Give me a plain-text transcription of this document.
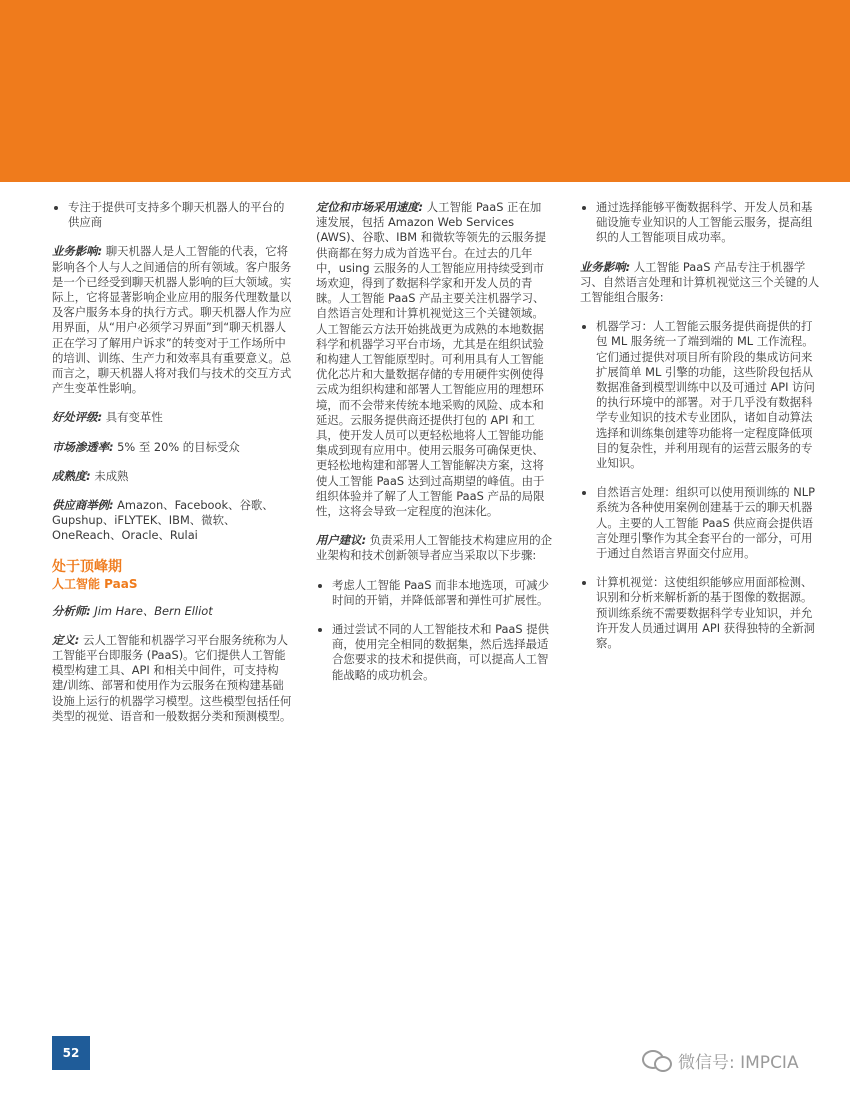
专注于提供可支持多个聊天机器人的平台的供应商

业务影响: 聊天机器人是人工智能的代表，它将影响各个人与人之间通信的所有领域。客户服务是一个已经受到聊天机器人影响的巨大领域。实际上，它将显著影响企业应用的服务代理数量以及客户服务本身的执行方式。聊天机器人作为应用界面，从“用户必须学习界面”到“聊天机器人正在学习了解用户诉求”的转变对于工作场所中的培训、训练、生产力和效率具有重要意义。总而言之，聊天机器人将对我们与技术的交互方式产生变革性影响。

好处评级: 具有变革性

市场渗透率: 5% 至 20% 的目标受众

成熟度: 未成熟

供应商举例: Amazon、Facebook、谷歌、Gupshup、iFLYTEK、IBM、微软、OneReach、Oracle、Rulai

处于顶峰期

人工智能 PaaS

分析师: Jim Hare、Bern Elliot

定义: 云人工智能和机器学习平台服务统称为人工智能平台即服务 (PaaS)。它们提供人工智能模型构建工具、API 和相关中间件，可支持构建/训练、部署和使用作为云服务在预构建基础设施上运行的机器学习模型。这些模型包括任何类型的视觉、语音和一般数据分类和预测模型。

定位和市场采用速度: 人工智能 PaaS 正在加速发展，包括 Amazon Web Services (AWS)、谷歌、IBM 和微软等领先的云服务提供商都在努力成为首选平台。在过去的几年中，using 云服务的人工智能应用持续受到市场欢迎，得到了数据科学家和开发人员的青睐。人工智能 PaaS 产品主要关注机器学习、自然语言处理和计算机视觉这三个关键领域。人工智能云方法开始挑战更为成熟的本地数据科学和机器学习平台市场，尤其是在组织试验和构建人工智能原型时。可利用具有人工智能优化芯片和大量数据存储的专用硬件实例使得云成为组织构建和部署人工智能应用的理想环境，而不会带来传统本地采购的风险、成本和延迟。云服务提供商还提供打包的 API 和工具，使开发人员可以更轻松地将人工智能功能集成到现有应用中。使用云服务可确保更快、更轻松地构建和部署人工智能解决方案，这将使人工智能 PaaS 达到过高期望的峰值。由于组织体验并了解了人工智能 PaaS 产品的局限性，这将会导致一定程度的泡沫化。

用户建议: 负责采用人工智能技术构建应用的企业架构和技术创新领导者应当采取以下步骤:

考虑人工智能 PaaS 而非本地选项，可减少时间的开销，并降低部署和弹性可扩展性。
通过尝试不同的人工智能技术和 PaaS 提供商，使用完全相同的数据集，然后选择最适合您要求的技术和提供商，可以提高人工智能战略的成功机会。
通过选择能够平衡数据科学、开发人员和基础设施专业知识的人工智能云服务，提高组织的人工智能项目成功率。

业务影响: 人工智能 PaaS 产品专注于机器学习、自然语言处理和计算机视觉这三个关键的人工智能组合服务:

机器学习：人工智能云服务提供商提供的打包 ML 服务统一了端到端的 ML 工作流程。它们通过提供对项目所有阶段的集成访问来扩展简单 ML 引擎的功能，这些阶段包括从数据准备到模型训练中以及可通过 API 访问的执行环境中的部署。对于几乎没有数据科学专业知识的技术专业团队，诸如自动算法选择和训练集创建等功能将一定程度降低项目的复杂性，并利用现有的运营云服务的专业知识。
自然语言处理：组织可以使用预训练的 NLP 系统为各种使用案例创建基于云的聊天机器人。主要的人工智能 PaaS 供应商会提供语言处理引擎作为其全套平台的一部分，可用于通过自然语言界面交付应用。
计算机视觉：这使组织能够应用面部检测、识别和分析来解析新的基于图像的数据源。预训练系统不需要数据科学专业知识，并允许开发人员通过调用 API 获得独特的全新洞察。
52	微信号: IMPCIA
